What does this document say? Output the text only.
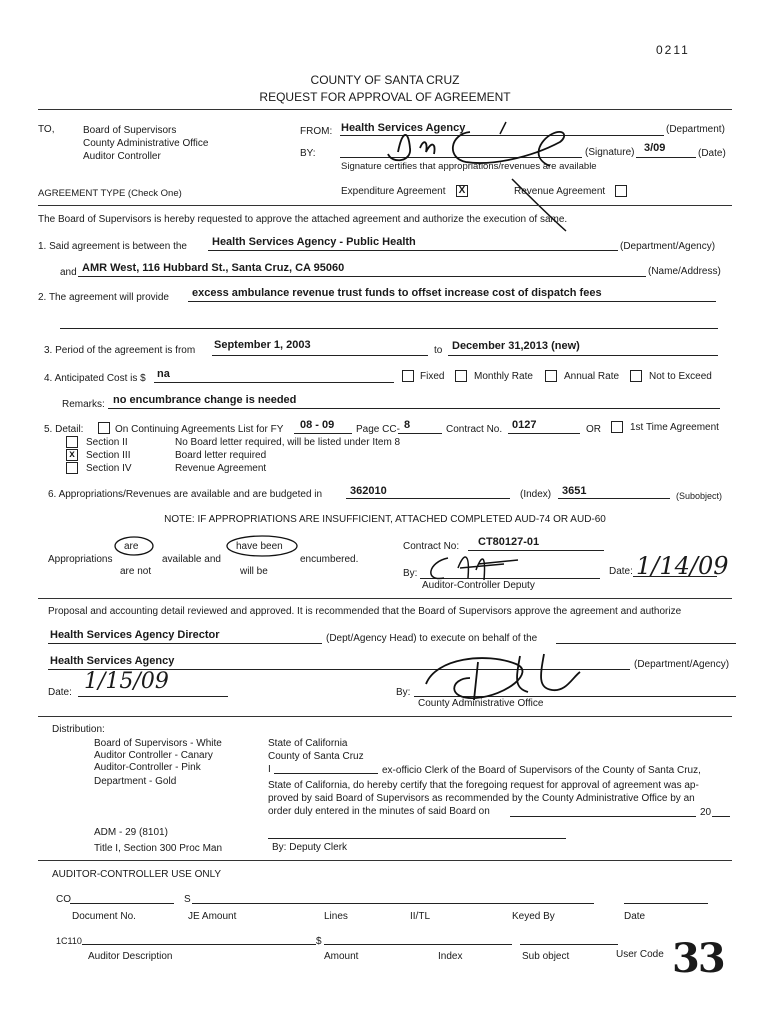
0211
COUNTY OF SANTA CRUZ
REQUEST FOR APPROVAL OF AGREEMENT
TO,	Board of Supervisors
County Administrative Office
Auditor Controller
FROM: Health Services Agency	(Department)
BY:	(Signature) 3/09	(Date)
Signature certifies that appropriations/revenues are available
AGREEMENT TYPE (Check One)	Expenditure Agreement X	Revenue Agreement
The Board of Supervisors is hereby requested to approve the attached agreement and authorize the execution of same.
1. Said agreement is between the Health Services Agency - Public Health	(Department/Agency)
and AMR West, 116 Hubbard St., Santa Cruz, CA 95060	(Name/Address)
2. The agreement will provide excess ambulance revenue trust funds to offset increase cost of dispatch fees
3. Period of the agreement is from September 1, 2003	to December 31,2013 (new)
4. Anticipated Cost is $ na	Fixed	Monthly Rate	Annual Rate	Not to Exceed
Remarks: no encumbrance change is needed
5. Detail:	On Continuing Agreements List for FY 08 - 09 Page CC- 8	Contract No. 0127	OR	1st Time Agreement
Section II	No Board letter required, will be listed under Item 8
x	Section III	Board letter required
Section IV	Revenue Agreement
6. Appropriations/Revenues are available and are budgeted in	362010	(Index) 3651	(Subobject)
NOTE: IF APPROPRIATIONS ARE INSUFFICIENT, ATTACHED COMPLETED AUD-74 OR AUD-60
Appropriations
are
are not
available and
have been
will be
encumbered.
Contract No: CT80127-01
By:
Auditor-Controller Deputy
Date: 1/14/09
Proposal and accounting detail reviewed and approved. It is recommended that the Board of Supervisors approve the agreement and authorize
Health Services Agency Director	(Dept/Agency Head) to execute on behalf of the
Health Services Agency	(Department/Agency)
Date: 1/15/09	By:
County Administrative Office
Distribution:
Board of Supervisors - White
Auditor Controller - Canary
Auditor-Controller - Pink
Department - Gold
State of California
County of Santa Cruz
I	ex-officio Clerk of the Board of Supervisors of the County of Santa Cruz,
State of California, do hereby certify that the foregoing request for approval of agreement was ap-
proved by said Board of Supervisors as recommended by the County Administrative Office by an
order duly entered in the minutes of said Board on	20
ADM - 29 (8101)
Title I, Section 300 Proc Man	By: Deputy Clerk
AUDITOR-CONTROLLER USE ONLY
CO	S
Document No.	JE Amount	Lines	II/TL	Keyed By	Date
1C110	$
Auditor Description	Amount	Index	Sub object	User Code 33
